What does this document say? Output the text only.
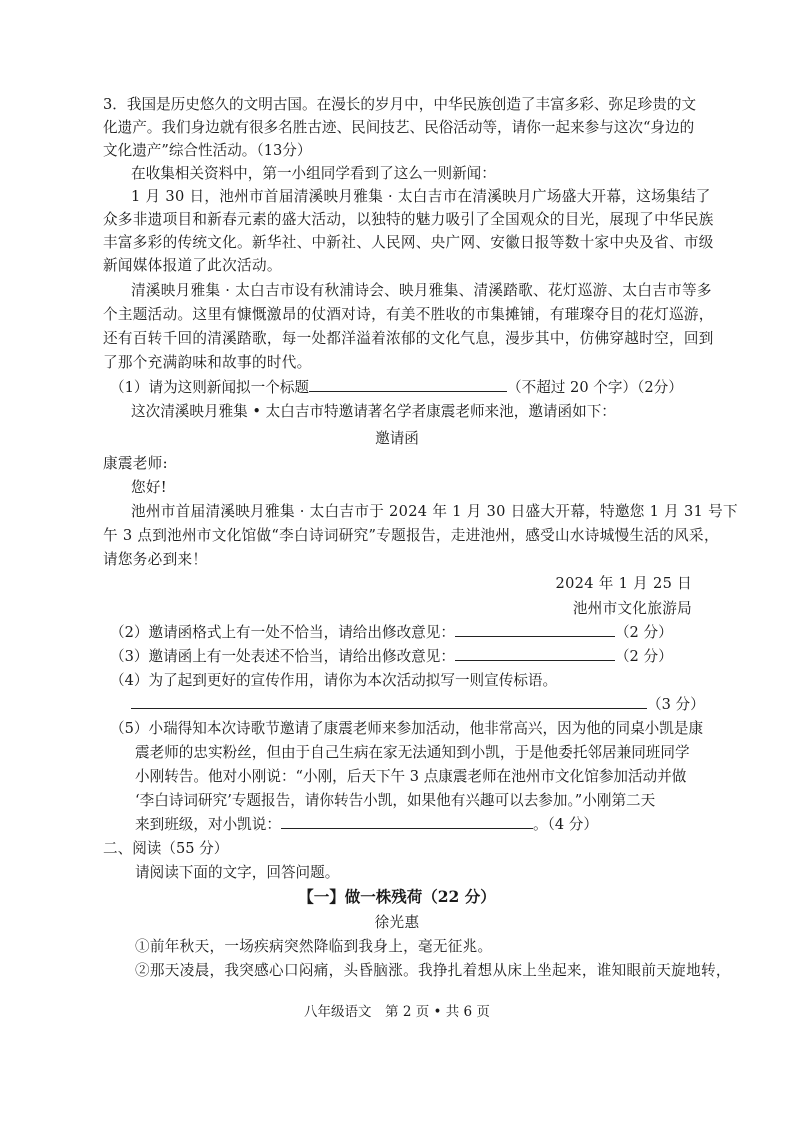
3．我国是历史悠久的文明古国。在漫长的岁月中，中华民族创造了丰富多彩、弥足珍贵的文
化遗产。我们身边就有很多名胜古迹、民间技艺、民俗活动等，请你一起来参与这次“身边的
文化遗产”综合性活动。（13分）
在收集相关资料中，第一小组同学看到了这么一则新闻：
1 月 30 日，池州市首届清溪映月雅集 · 太白吉市在清溪映月广场盛大开幕，这场集结了
众多非遗项目和新春元素的盛大活动，以独特的魅力吸引了全国观众的目光，展现了中华民族
丰富多彩的传统文化。新华社、中新社、人民网、央广网、安徽日报等数十家中央及省、市级
新闻媒体报道了此次活动。
清溪映月雅集 · 太白吉市设有秋浦诗会、映月雅集、清溪踏歌、花灯巡游、太白吉市等多
个主题活动。这里有慷慨激昂的仗酒对诗，有美不胜收的市集摊铺，有璀璨夺目的花灯巡游，
还有百转千回的清溪踏歌，每一处都洋溢着浓郁的文化气息，漫步其中，仿佛穿越时空，回到
了那个充满韵味和故事的时代。
（1）请为这则新闻拟一个标题	（不超过 20 个字）（2分）
这次清溪映月雅集 • 太白吉市特邀请著名学者康震老师来池，邀请函如下：
邀请函
康震老师:
您好!
池州市首届清溪映月雅集 · 太白吉市于 2024 年 1 月 30 日盛大开幕，特邀您 1 月 31 号下
午 3 点到池州市文化馆做“李白诗词研究”专题报告，走进池州，感受山水诗城慢生活的风采，
请您务必到来！
2024 年 1 月 25 日
池州市文化旅游局
（2）邀请函格式上有一处不恰当，请给出修改意见：	（2 分）
（3）邀请函上有一处表述不恰当，请给出修改意见：	（2 分）
（4）为了起到更好的宣传作用，请你为本次活动拟写一则宣传标语。
（3 分）
（5）小瑞得知本次诗歌节邀请了康震老师来参加活动，他非常高兴，因为他的同桌小凯是康
震老师的忠实粉丝，但由于自己生病在家无法通知到小凯，于是他委托邻居兼同班同学
小刚转告。他对小刚说：“小刚，后天下午 3 点康震老师在池州市文化馆参加活动并做
‘李白诗词研究’专题报告，请你转告小凯，如果他有兴趣可以去参加。”小刚第二天
来到班级，对小凯说：	。（4 分）
二、阅读（55 分）
请阅读下面的文字，回答问题。
【一】做一株残荷（22 分）
徐光惠
①前年秋天，一场疾病突然降临到我身上，毫无征兆。
②那天凌晨，我突感心口闷痛，头昏脑涨。我挣扎着想从床上坐起来，谁知眼前天旋地转，
八年级语文　第 2 页 • 共 6 页
